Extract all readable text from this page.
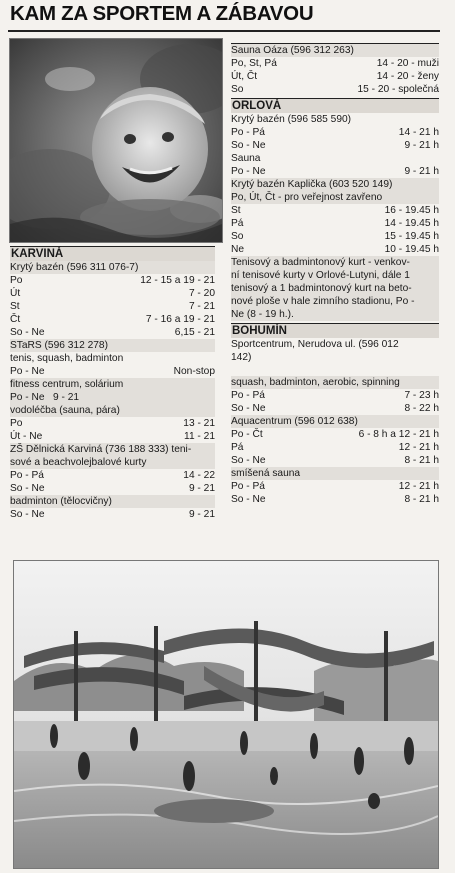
KAM ZA SPORTEM A ZÁBAVOU
KARVINÁ
Krytý bazén (596 311 076-7)
Po	12 - 15 a 19 - 21
Út	7 - 20
St	7 - 21
Čt	7 - 16 a 19 - 21
So - Ne	6,15 - 21
STaRS (596 312 278)
tenis, squash, badminton
Po - Ne	Non-stop
fitness centrum, solárium
Po - Ne   9 - 21
vodoléčba (sauna, pára)
Po	13 - 21
Út - Ne	11 - 21
ZŠ Dělnická Karviná (736 188 333) teni-
sové a beachvolejbalové kurty
Po - Pá	14 - 22
So - Ne	9 - 21
badminton (tělocvičny)
So - Ne	9 - 21
Sauna Oáza (596 312 263)
Po, St, Pá	14 - 20 - muži
Út, Čt	14 - 20 - ženy
So	15 - 20 - společná
ORLOVÁ
Krytý bazén (596 585 590)
Po - Pá	14 - 21 h
So - Ne	9 - 21 h
Sauna
Po - Ne	9 - 21 h
Krytý bazén Kaplička (603 520 149)
Po, Út, Čt - pro veřejnost zavřeno
St	16 - 19.45 h
Pá	14 - 19.45 h
So	15 - 19.45 h
Ne	10 - 19.45 h
Tenisový a badmintonový kurt - venkov-
ní tenisové kurty v Orlové-Lutyni, dále 1
tenisový a 1 badmintonový kurt na beto-
nové ploše v hale zimního stadionu, Po -
Ne (8 - 19 h.).
BOHUMÍN
Sportcentrum, Nerudova ul. (596 012
142)
squash, badminton, aerobic, spinning
Po - Pá	7 - 23 h
So - Ne	8 - 22 h
Aquacentrum (596 012 638)
Po - Čt	6 - 8 h a 12 - 21 h
Pá	12 - 21 h
So - Ne	8 - 21 h
smíšená sauna
Po - Pá	12 - 21 h
So - Ne	8 - 21 h
